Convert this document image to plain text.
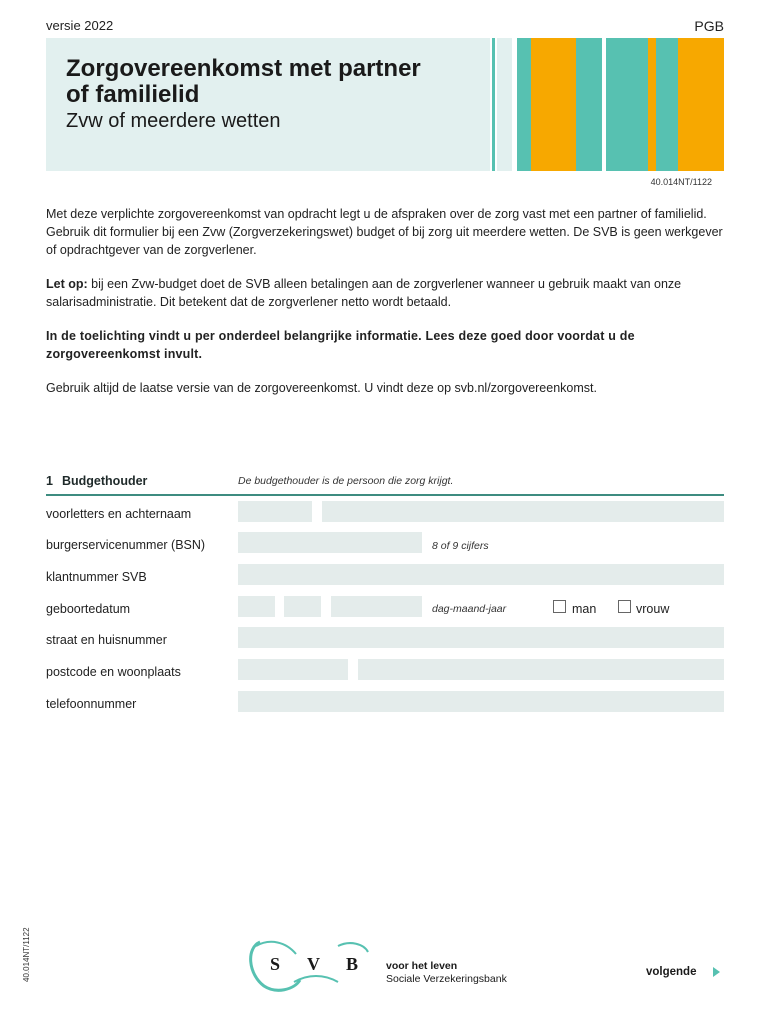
versie 2022	PGB
Zorgovereenkomst met partner of familielid
Zvw of meerdere wetten
40.014NT/1122

Met deze verplichte zorgovereenkomst van opdracht legt u de afspraken over de zorg vast met een partner of familielid. Gebruik dit formulier bij een Zvw (Zorgverzekeringswet) budget of bij zorg uit meerdere wetten. De SVB is geen werkgever of opdrachtgever van de zorgverlener.

Let op: bij een Zvw-budget doet de SVB alleen betalingen aan de zorgverlener wanneer u gebruik maakt van onze salarisadministratie. Dit betekent dat de zorgverlener netto wordt betaald.

In de toelichting vindt u per onderdeel belangrijke informatie. Lees deze goed door voordat u de zorgovereenkomst invult.

Gebruik altijd de laatse versie van de zorgovereenkomst. U vindt deze op svb.nl/zorgovereenkomst.

1 Budgethouder	De budgethouder is de persoon die zorg krijgt.
voorletters en achternaam
burgerservicenummer (BSN)	8 of 9 cijfers
klantnummer SVB
geboortedatum	dag-maand-jaar	man	vrouw
straat en huisnummer
postcode en woonplaats
telefoonnummer
40.014NT/1122	S V B	voor het leven
Sociale Verzekeringsbank
volgende
